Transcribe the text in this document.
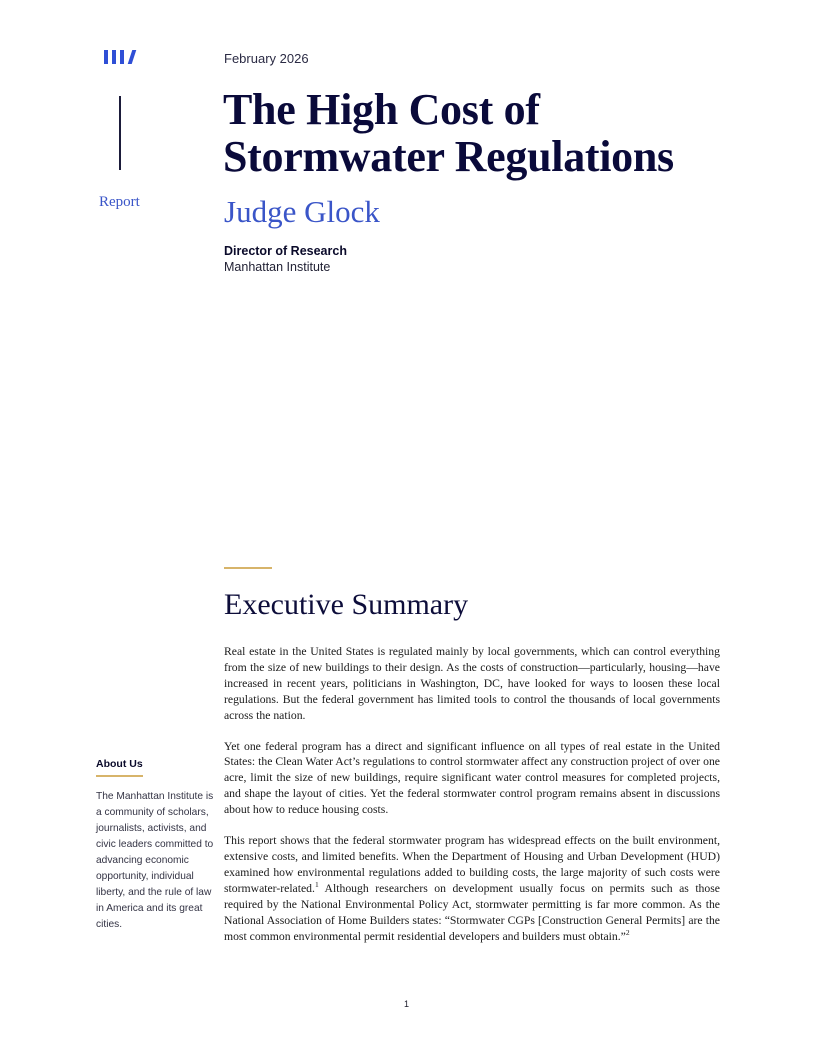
Report
February 2026
The High Cost of
Stormwater Regulations
Judge Glock
Director of Research
Manhattan Institute
Executive Summary

Real estate in the United States is regulated mainly by local governments, which can control everything from the size of new buildings to their design. As the costs of construction—particularly, housing—have increased in recent years, politicians in Washington, DC, have looked for ways to loosen these local regulations. But the federal government has limited tools to control the thousands of local governments across the nation.

Yet one federal program has a direct and significant influence on all types of real estate in the United States: the Clean Water Act’s regulations to control stormwater affect any construction project of over one acre, limit the size of new buildings, require significant water control measures for completed projects, and shape the layout of cities. Yet the federal stormwater control program remains absent in discussions about how to reduce housing costs.

This report shows that the federal stormwater program has widespread effects on the built environment, extensive costs, and limited benefits. When the Department of Housing and Urban Development (HUD) examined how environmental regulations added to building costs, the large majority of such costs were stormwater-related.$^1$ Although researchers on development usually focus on permits such as those required by the National Environmental Policy Act, stormwater permitting is far more common. As the National Association of Home Builders states: “Stormwater CGPs [Construction General Permits] are the most common environmental permit residential developers and builders must obtain.”$^2$

About Us
The Manhattan Institute is a community of scholars, journalists, activists, and civic leaders committed to advancing economic opportunity, individual liberty, and the rule of law in America and its great cities.
1
